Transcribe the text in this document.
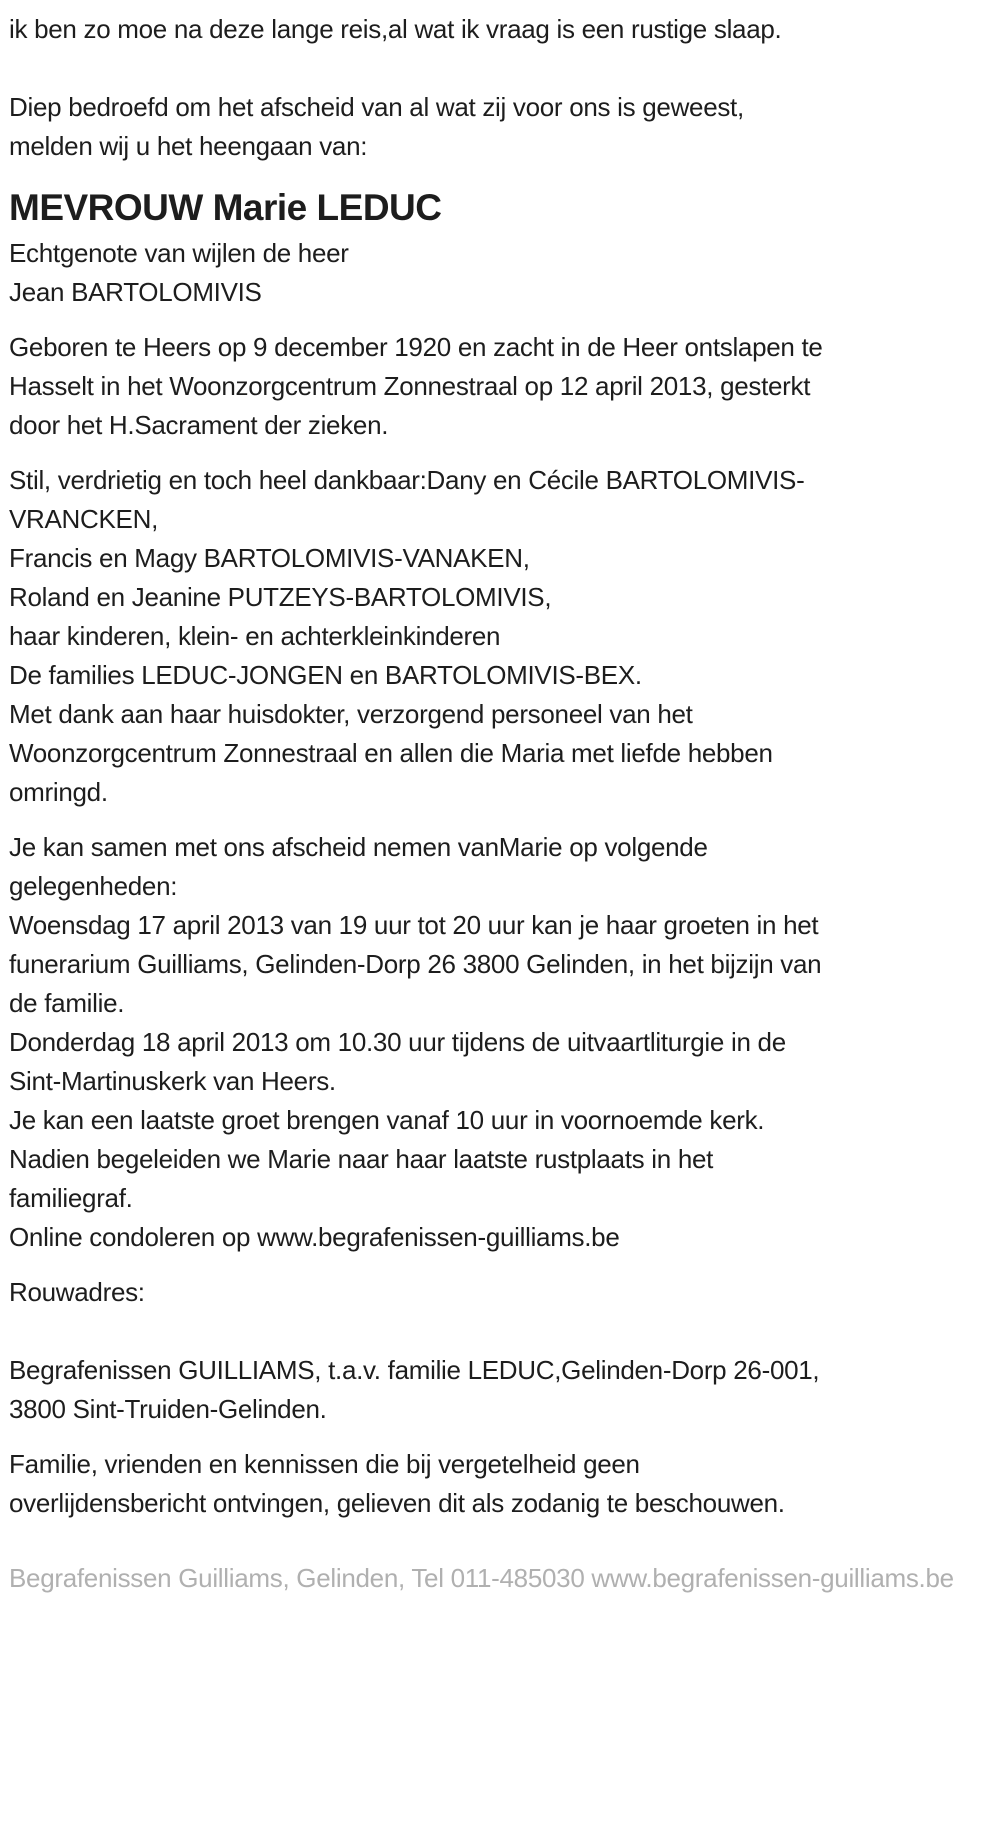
ik ben zo moe na deze lange reis,al wat ik vraag is een rustige slaap.

Diep bedroefd om het afscheid van al wat zij voor ons is geweest,
melden wij u het heengaan van:

MEVROUW Marie LEDUC
Echtgenote van wijlen de heer
Jean BARTOLOMIVIS

Geboren te Heers op 9 december 1920 en zacht in de Heer ontslapen te
Hasselt in het Woonzorgcentrum Zonnestraal op 12 april 2013, gesterkt
door het H.Sacrament der zieken.

Stil, verdrietig en toch heel dankbaar:Dany en Cécile BARTOLOMIVIS-
VRANCKEN,
Francis en Magy BARTOLOMIVIS-VANAKEN,
Roland en Jeanine PUTZEYS-BARTOLOMIVIS,
haar kinderen, klein- en achterkleinkinderen
De families LEDUC-JONGEN en BARTOLOMIVIS-BEX.
Met dank aan haar huisdokter, verzorgend personeel van het
Woonzorgcentrum Zonnestraal en allen die Maria met liefde hebben
omringd.

Je kan samen met ons afscheid nemen vanMarie op volgende
gelegenheden:
Woensdag 17 april 2013 van 19 uur tot 20 uur kan je haar groeten in het
funerarium Guilliams, Gelinden-Dorp 26 3800 Gelinden, in het bijzijn van
de familie.
Donderdag 18 april 2013 om 10.30 uur tijdens de uitvaartliturgie in de
Sint-Martinuskerk van Heers.
Je kan een laatste groet brengen vanaf 10 uur in voornoemde kerk.
Nadien begeleiden we Marie naar haar laatste rustplaats in het
familiegraf.
Online condoleren op www.begrafenissen-guilliams.be

Rouwadres:

Begrafenissen GUILLIAMS, t.a.v. familie LEDUC,Gelinden-Dorp 26-001,
3800 Sint-Truiden-Gelinden.

Familie, vrienden en kennissen die bij vergetelheid geen
overlijdensbericht ontvingen, gelieven dit als zodanig te beschouwen.

Begrafenissen Guilliams, Gelinden, Tel 011-485030 www.begrafenissen-guilliams.be
